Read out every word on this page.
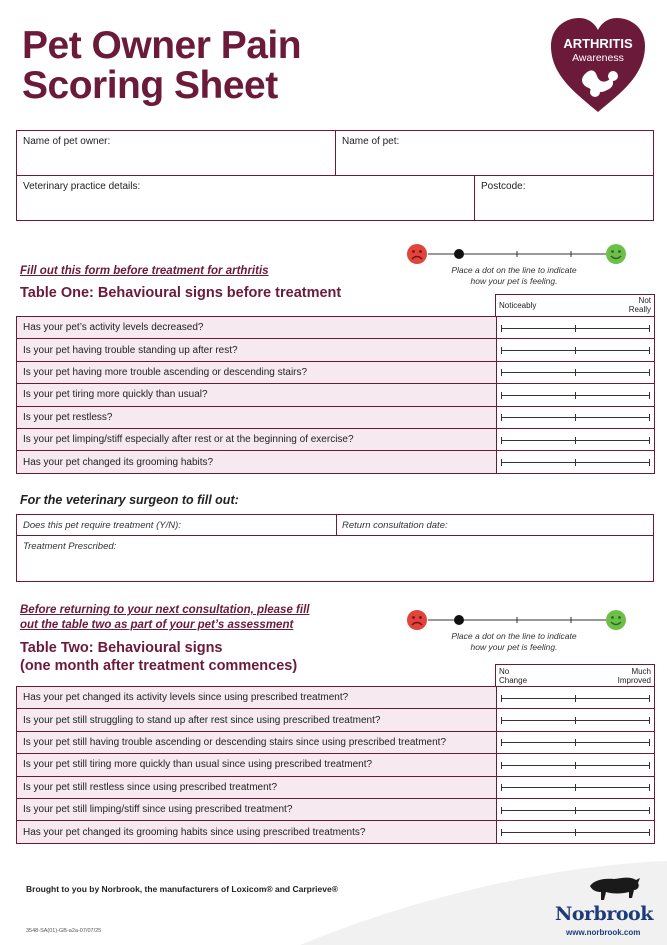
Pet Owner Pain
Scoring Sheet
ARTHRITIS
Awareness
Name of pet owner:	Name of pet:
Veterinary practice details:	Postcode:
Place a dot on the line to indicate
how your pet is feeling.
Fill out this form before treatment for arthritis
Table One: Behavioural signs before treatment
Noticeably
Not
Really
Has your pet’s activity levels decreased?	

Is your pet having trouble standing up after rest?	

Is your pet having more trouble ascending or descending stairs?	

Is your pet tiring more quickly than usual?	

Is your pet restless?	

Is your pet limping/stiff especially after rest or at the beginning of exercise?	

Has your pet changed its grooming habits?	
For the veterinary surgeon to fill out:
Does this pet require treatment (Y/N):	Return consultation date:
Treatment Prescribed:
Before returning to your next consultation, please fill
out the table two as part of your pet’s assessment
Place a dot on the line to indicate
how your pet is feeling.
Table Two: Behavioural signs
(one month after treatment commences)	No
Change
Much
Improved
Has your pet changed its activity levels since using prescribed treatment?	

Is your pet still struggling to stand up after rest since using prescribed treatment?	

Is your pet still having trouble ascending or descending stairs since using prescribed treatment?	

Is your pet still tiring more quickly than usual since using prescribed treatment?	

Is your pet still restless since using prescribed treatment?	

Is your pet still limping/stiff since using prescribed treatment?	

Has your pet changed its grooming habits since using prescribed treatments?	
Brought to you by Norbrook, the manufacturers of Loxicom® and Carprieve®
3548-SA(01)-GB-a2a-07/07/25
Norbrook
www.norbrook.com
